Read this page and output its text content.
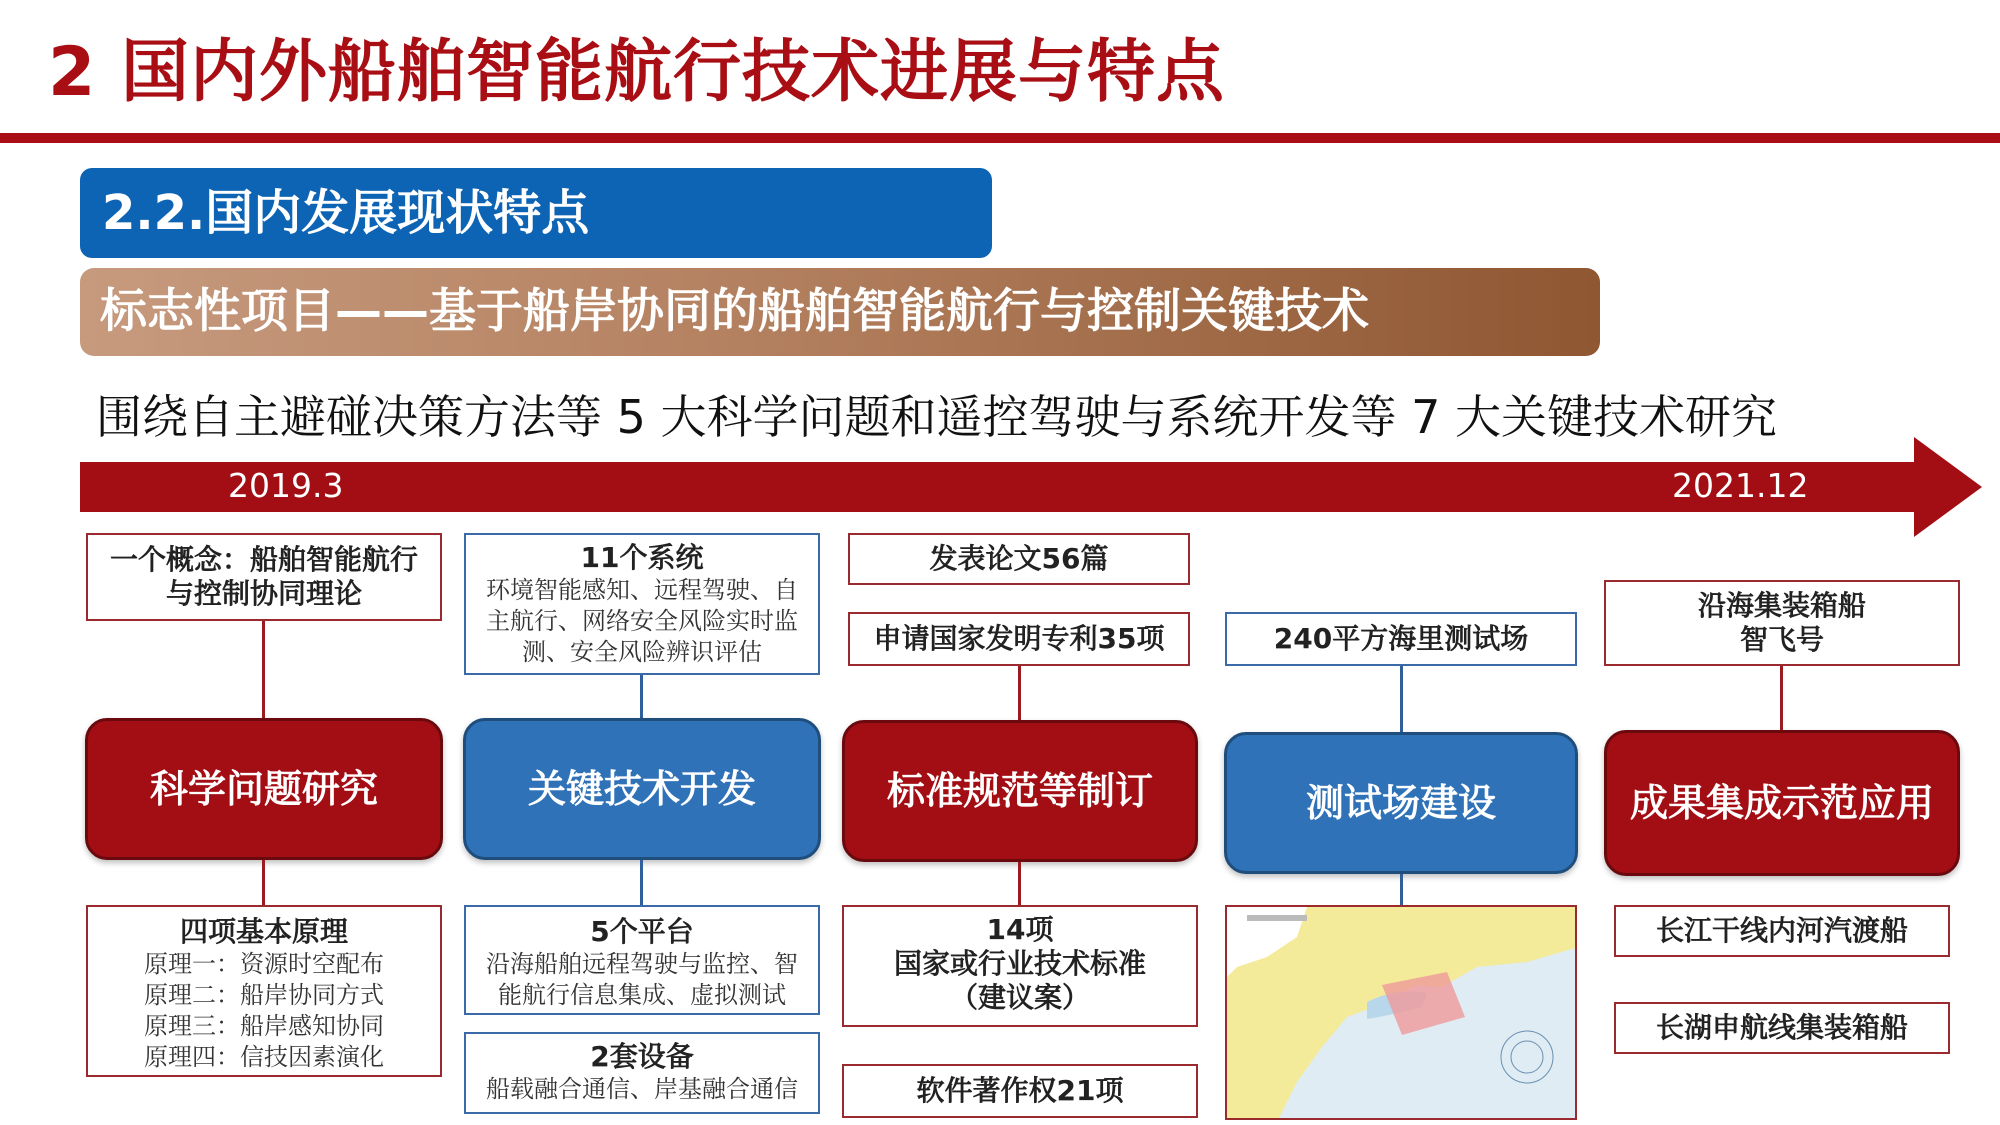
2 国内外船舶智能航行技术进展与特点
2.2.国内发展现状特点
标志性项目——基于船岸协同的船舶智能航行与控制关键技术
围绕自主避碰决策方法等 5 大科学问题和遥控驾驶与系统开发等 7 大关键技术研究
2019.3	2021.12
一个概念：船舶智能航行
与控制协同理论
科学问题研究
四项基本原理
原理一：资源时空配布
原理二：船岸协同方式
原理三：船岸感知协同
原理四：信技因素演化
11个系统
环境智能感知、远程驾驶、自
主航行、网络安全风险实时监
测、安全风险辨识评估
关键技术开发
5个平台
沿海船舶远程驾驶与监控、智
能航行信息集成、虚拟测试
2套设备
船载融合通信、岸基融合通信
发表论文56篇
申请国家发明专利35项
标准规范等制订
14项
国家或行业技术标准
（建议案）
软件著作权21项
240平方海里测试场
测试场建设
沿海集装箱船
智飞号
成果集成示范应用
长江干线内河汽渡船
长湖申航线集装箱船
